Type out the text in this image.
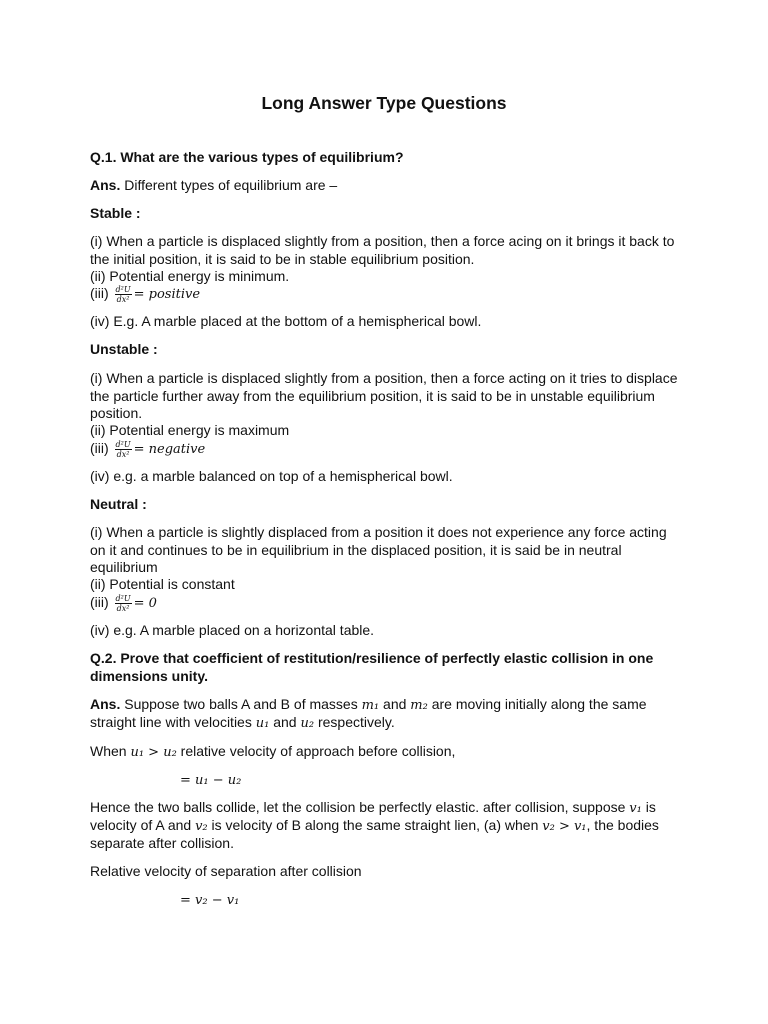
Long Answer Type Questions
Q.1. What are the various types of equilibrium?
Ans. Different types of equilibrium are –
Stable :
(i) When a particle is displaced slightly from a position, then a force acing on it brings it back to
the initial position, it is said to be in stable equilibrium position.
(ii) Potential energy is minimum.
$(iii) \frac{\text{d²U}}{\text{dx²}}$ = positive
(iv) E.g. A marble placed at the bottom of a hemispherical bowl.
Unstable :
(i) When a particle is displaced slightly from a position, then a force acting on it tries to displace
the particle further away from the equilibrium position, it is said to be in unstable equilibrium
position.
(ii) Potential energy is maximum
$(iii) \frac{\text{d²U}}{\text{dx²}}$ = negative
(iv) e.g. a marble balanced on top of a hemispherical bowl.
Neutral :
(i) When a particle is slightly displaced from a position it does not experience any force acting
on it and continues to be in equilibrium in the displaced position, it is said be in neutral
equilibrium
(ii) Potential is constant
$(iii) \frac{\text{d²U}}{\text{dx²}} = 0$
(iv) e.g. A marble placed on a horizontal table.
Q.2. Prove that coefficient of restitution/resilience of perfectly elastic collision in one
dimensions unity.
Ans. Suppose two balls A and B of masses m₁ and m₂ are moving initially along the same
straight line with velocities u₁ and u₂ respectively.
When u₁ > u₂ relative velocity of approach before collision,
= u₁ − u₂
Hence the two balls collide, let the collision be perfectly elastic. after collision, suppose v₁ is
velocity of A and v₂ is velocity of B along the same straight lien, (a) when v₂ > v₁, the bodies
separate after collision.
Relative velocity of separation after collision
= v₂ − v₁
